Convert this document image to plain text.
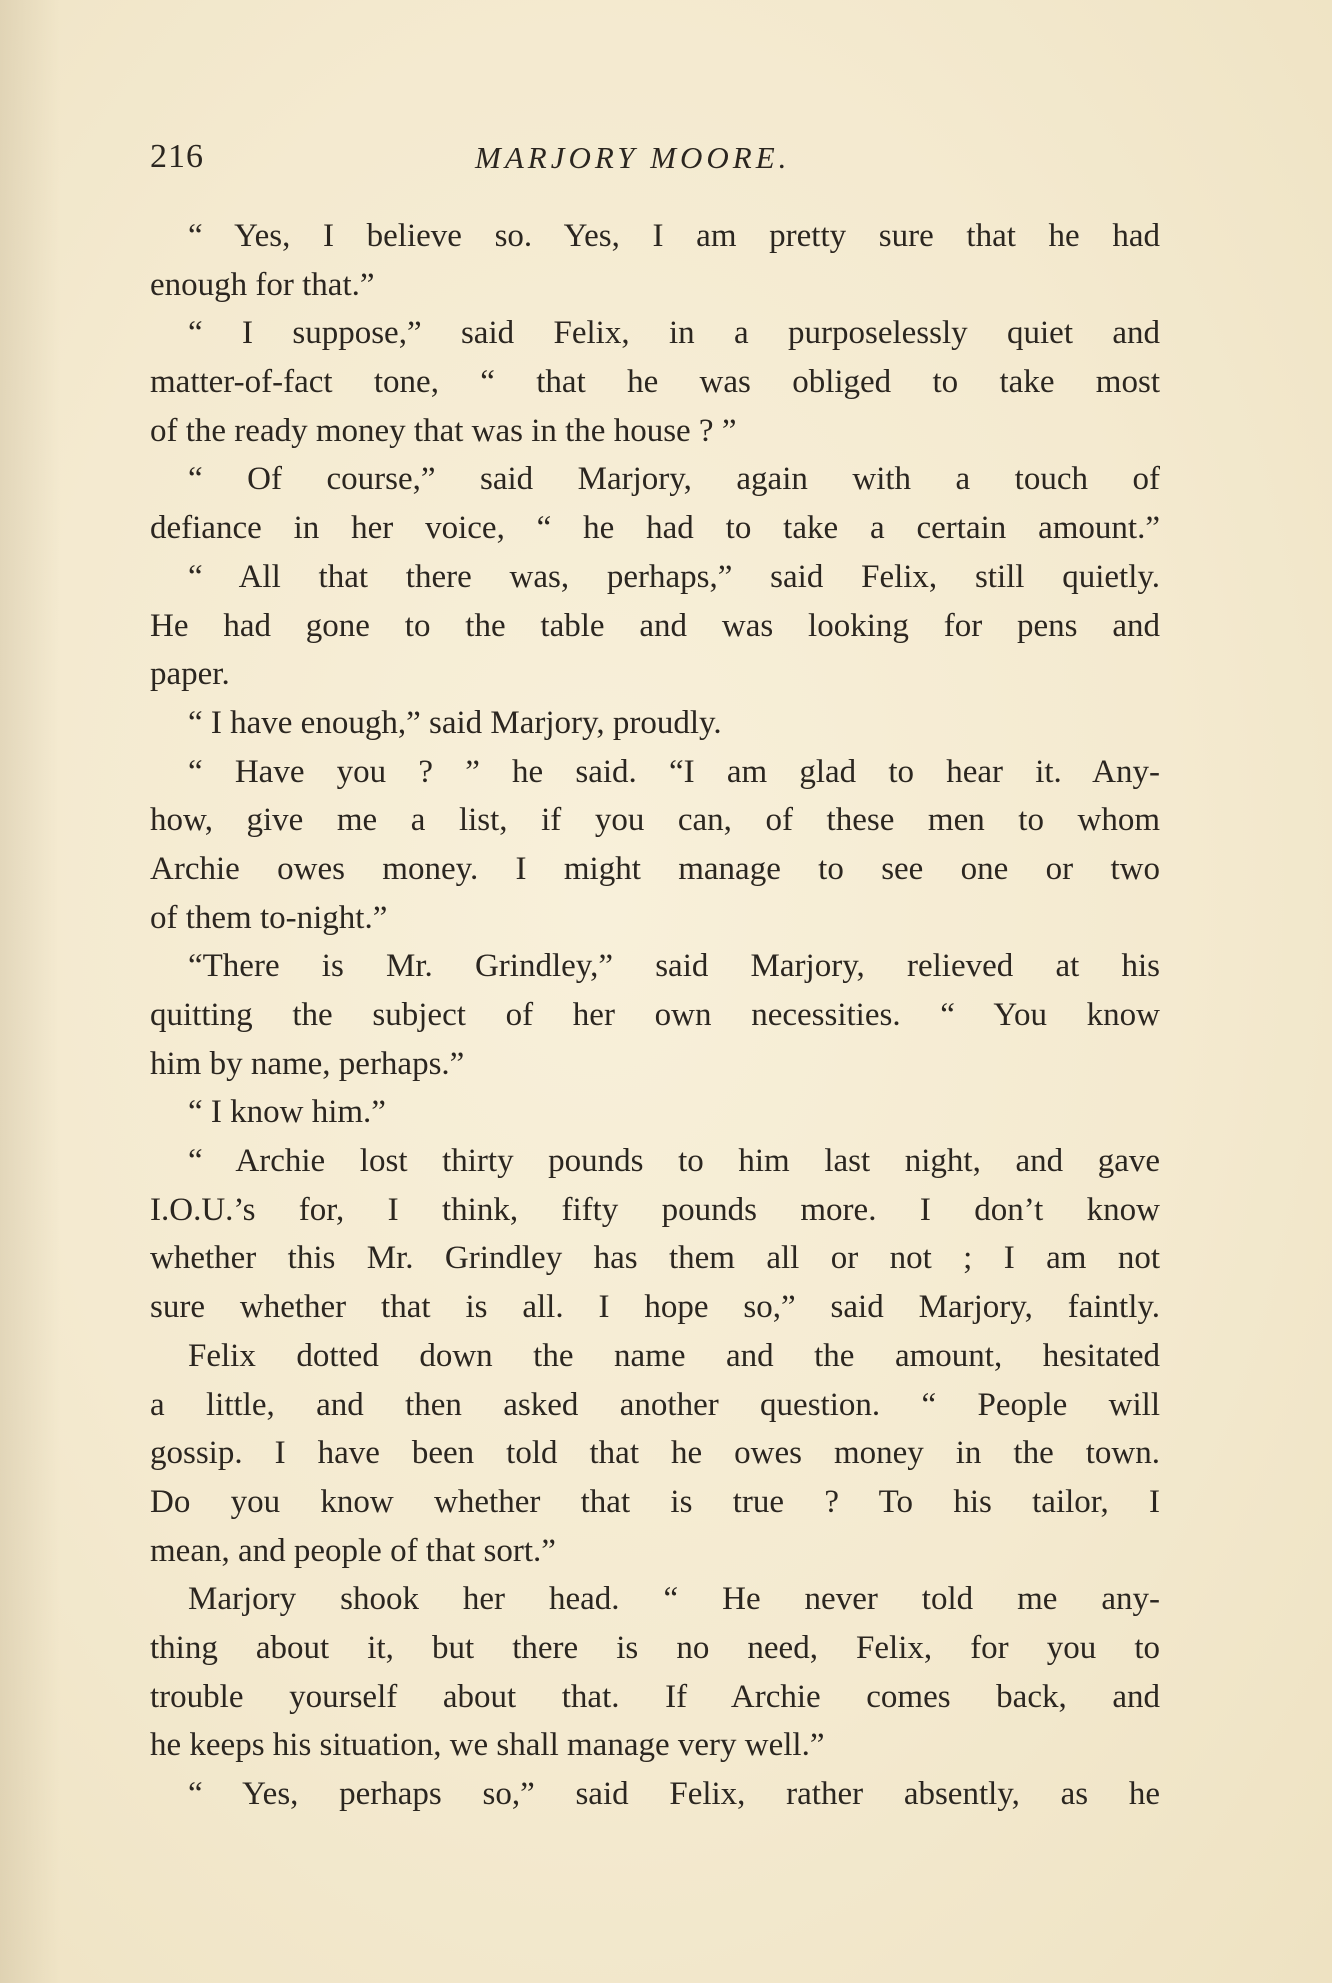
216	MARJORY MOORE.
“ Yes, I believe so. Yes, I am pretty sure that he had
enough for that.”
“ I suppose,” said Felix, in a purposelessly quiet and
matter-of-fact tone, “ that he was obliged to take most
of the ready money that was in the house ? ”
“ Of course,” said Marjory, again with a touch of
defiance in her voice, “ he had to take a certain amount.”
“ All that there was, perhaps,” said Felix, still quietly.
He had gone to the table and was looking for pens and
paper.
“ I have enough,” said Marjory, proudly.
“ Have you ? ” he said. “I am glad to hear it. Any-
how, give me a list, if you can, of these men to whom
Archie owes money. I might manage to see one or two
of them to-night.”
“There is Mr. Grindley,” said Marjory, relieved at his
quitting the subject of her own necessities. “ You know
him by name, perhaps.”
“ I know him.”
“ Archie lost thirty pounds to him last night, and gave
I.O.U.’s for, I think, fifty pounds more. I don’t know
whether this Mr. Grindley has them all or not ; I am not
sure whether that is all. I hope so,” said Marjory, faintly.
Felix dotted down the name and the amount, hesitated
a little, and then asked another question. “ People will
gossip. I have been told that he owes money in the town.
Do you know whether that is true ? To his tailor, I
mean, and people of that sort.”
Marjory shook her head. “ He never told me any-
thing about it, but there is no need, Felix, for you to
trouble yourself about that. If Archie comes back, and
he keeps his situation, we shall manage very well.”
“ Yes, perhaps so,” said Felix, rather absently, as he
